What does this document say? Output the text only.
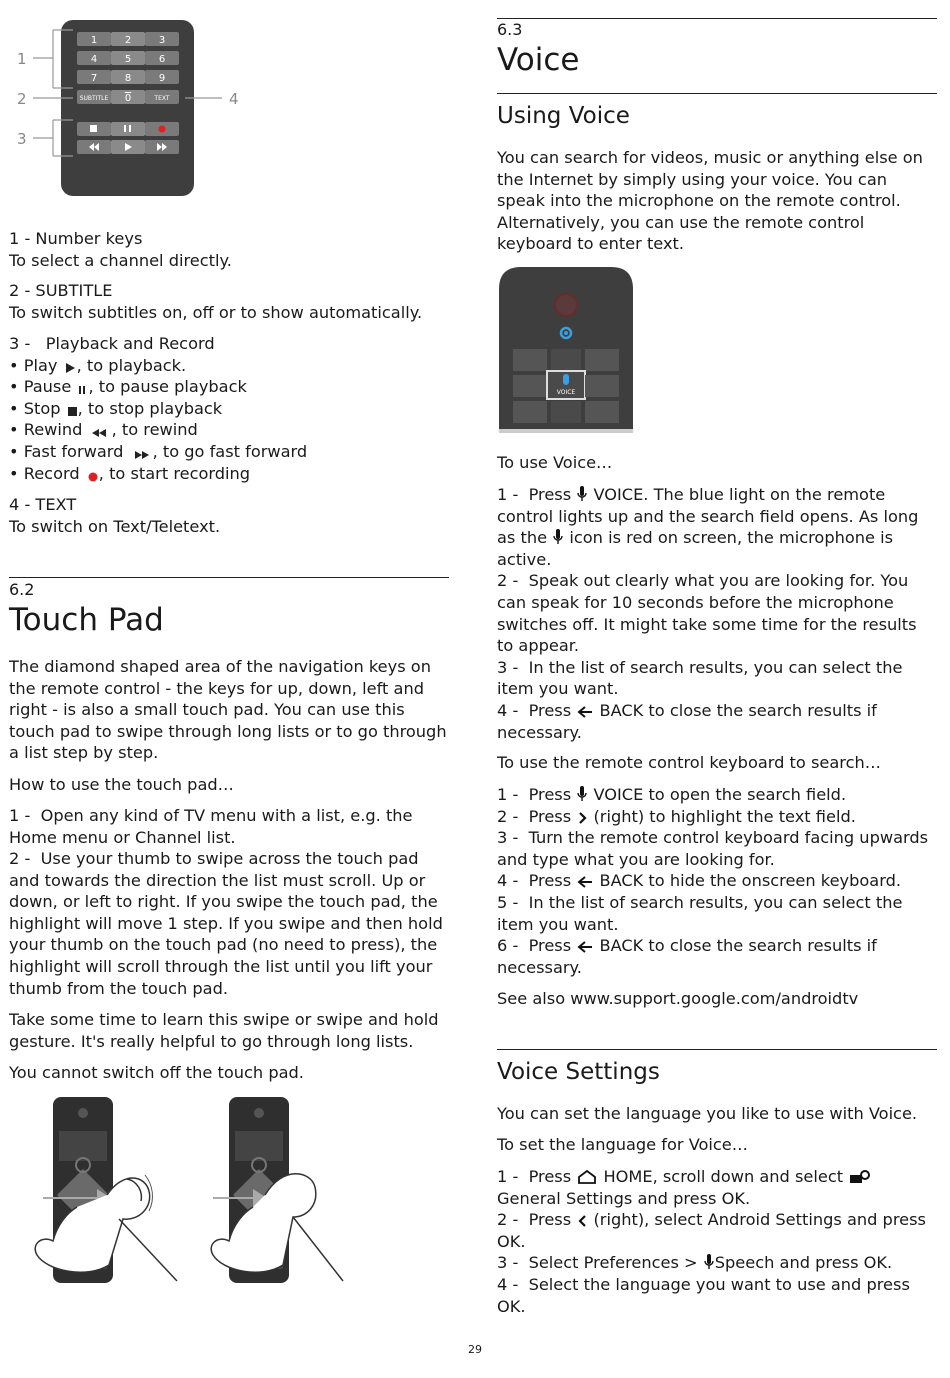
1
2
3
4
1	2	3
4	5	6
7	8	9
SUBTITLE 0	TEXT

1 - Number keys

To select a channel directly.

2 - SUBTITLE

To switch subtitles on, off or to show automatically.

3 -   Playback and Record

• Play , to playback.

• Pause , to pause playback

• Stop , to stop playback

• Rewind , to rewind

• Fast forward , to go fast forward

• Record , to start recording

4 - TEXT

To switch on Text/Teletext.

6.2
Touch Pad

The diamond shaped area of the navigation keys on the remote control - the keys for up, down, left and right - is also a small touch pad. You can use this touch pad to swipe through long lists or to go through a list step by step.

How to use the touch pad…

1 -  Open any kind of TV menu with a list, e.g. the Home menu or Channel list.

2 -  Use your thumb to swipe across the touch pad and towards the direction the list must scroll. Up or down, or left to right. If you swipe the touch pad, the highlight will move 1 step. If you swipe and then hold your thumb on the touch pad (no need to press), the highlight will scroll through the list until you lift your thumb from the touch pad.

Take some time to learn this swipe or swipe and hold gesture. It's really helpful to go through long lists.

You cannot switch off the touch pad.

6.3
Voice
Using Voice

You can search for videos, music or anything else on the Internet by simply using your voice. You can speak into the microphone on the remote control. Alternatively, you can use the remote control keyboard to enter text.

VOICE

To use Voice…

1 -  Press  VOICE. The blue light on the remote control lights up and the search field opens. As long as the  icon is red on screen, the microphone is active.

2 -  Speak out clearly what you are looking for. You can speak for 10 seconds before the microphone switches off. It might take some time for the results to appear.

3 -  In the list of search results, you can select the item you want.

4 -  Press  BACK to close the search results if necessary.

To use the remote control keyboard to search…

1 -  Press  VOICE to open the search field.

2 -  Press  (right) to highlight the text field.

3 -  Turn the remote control keyboard facing upwards and type what you are looking for.

4 -  Press  BACK to hide the onscreen keyboard.

5 -  In the list of search results, you can select the item you want.

6 -  Press  BACK to close the search results if necessary.

See also www.support.google.com/androidtv

Voice Settings

You can set the language you like to use with Voice.

To set the language for Voice…

1 -  Press  HOME, scroll down and select
General Settings and press OK.

2 -  Press  (right), select Android Settings and press OK.

3 -  Select Preferences > Speech and press OK.

4 -  Select the language you want to use and press OK.

29
